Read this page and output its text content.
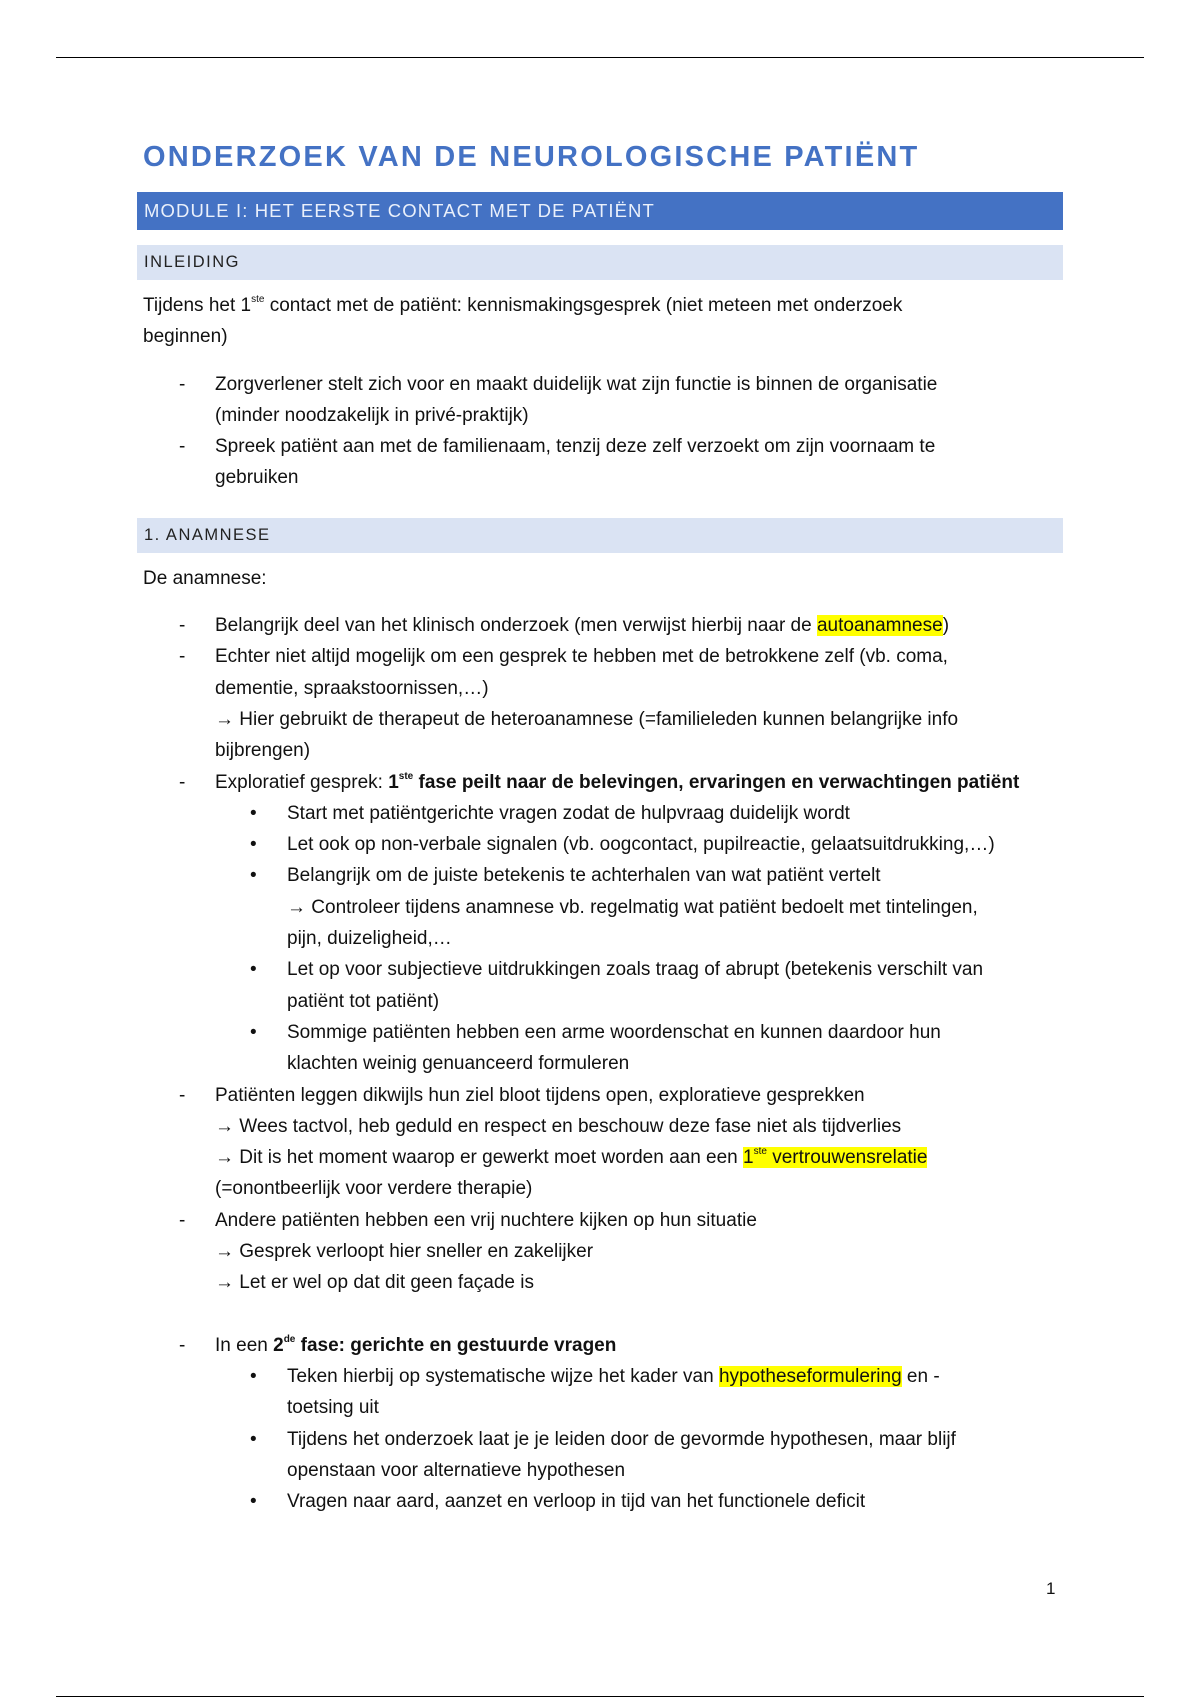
ONDERZOEK VAN DE NEUROLOGISCHE PATIËNT
MODULE I: HET EERSTE CONTACT MET DE PATIËNT
INLEIDING

Tijdens het 1ste contact met de patiënt: kennismakingsgesprek (niet meteen met onderzoek
beginnen)

- Zorgverlener stelt zich voor en maakt duidelijk wat zijn functie is binnen de organisatie
(minder noodzakelijk in privé-praktijk)
- Spreek patiënt aan met de familienaam, tenzij deze zelf verzoekt om zijn voornaam te
gebruiken
1. ANAMNESE

De anamnese:

- Belangrijk deel van het klinisch onderzoek (men verwijst hierbij naar de autoanamnese)
- Echter niet altijd mogelijk om een gesprek te hebben met de betrokkene zelf (vb. coma,
dementie, spraakstoornissen,…)
→ Hier gebruikt de therapeut de heteroanamnese (=familieleden kunnen belangrijke info
bijbrengen)
- Exploratief gesprek: 1ste fase peilt naar de belevingen, ervaringen en verwachtingen patiënt
• Start met patiëntgerichte vragen zodat de hulpvraag duidelijk wordt
• Let ook op non-verbale signalen (vb. oogcontact, pupilreactie, gelaatsuitdrukking,…)
• Belangrijk om de juiste betekenis te achterhalen van wat patiënt vertelt
→ Controleer tijdens anamnese vb. regelmatig wat patiënt bedoelt met tintelingen,
pijn, duizeligheid,…
• Let op voor subjectieve uitdrukkingen zoals traag of abrupt (betekenis verschilt van
patiënt tot patiënt)
• Sommige patiënten hebben een arme woordenschat en kunnen daardoor hun
klachten weinig genuanceerd formuleren
- Patiënten leggen dikwijls hun ziel bloot tijdens open, exploratieve gesprekken
→ Wees tactvol, heb geduld en respect en beschouw deze fase niet als tijdverlies
→ Dit is het moment waarop er gewerkt moet worden aan een 1ste vertrouwensrelatie
(=onontbeerlijk voor verdere therapie)
- Andere patiënten hebben een vrij nuchtere kijken op hun situatie
→ Gesprek verloopt hier sneller en zakelijker
→ Let er wel op dat dit geen façade is
- In een 2de fase: gerichte en gestuurde vragen
• Teken hierbij op systematische wijze het kader van hypotheseformulering en -
toetsing uit
• Tijdens het onderzoek laat je je leiden door de gevormde hypothesen, maar blijf
openstaan voor alternatieve hypothesen
• Vragen naar aard, aanzet en verloop in tijd van het functionele deficit
1
